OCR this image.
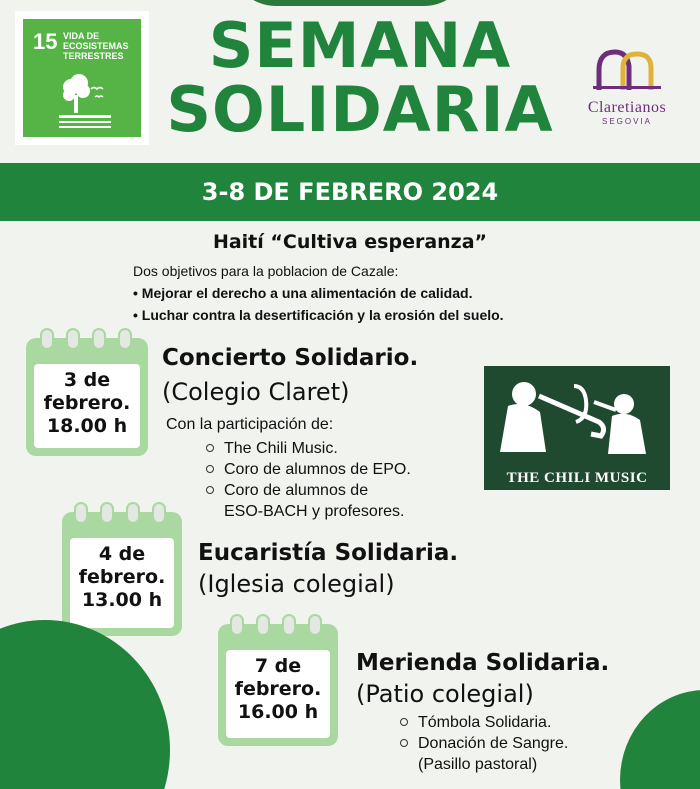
15 VIDA DE ECOSISTEMAS TERRESTRES	SEMANA
SOLIDARIA	Claretianos
SEGOVIA
3-8 DE FEBRERO 2024
Haití “Cultiva esperanza”
Dos objetivos para la poblacion de Cazale:
• Mejorar el derecho a una alimentación de calidad.
• Luchar contra la desertificación y la erosión del suelo.
3 de
febrero.
18.00 h
Concierto Solidario.
(Colegio Claret)
Con la participación de:
The Chili Music.
Coro de alumnos de EPO.
Coro de alumnos de
ESO-BACH y profesores.
THE CHILI MUSIC
4 de
febrero.
13.00 h
Eucaristía Solidaria.
(Iglesia colegial)
7 de
febrero.
16.00 h
Merienda Solidaria.
(Patio colegial)
Tómbola Solidaria.
Donación de Sangre.
(Pasillo pastoral)
